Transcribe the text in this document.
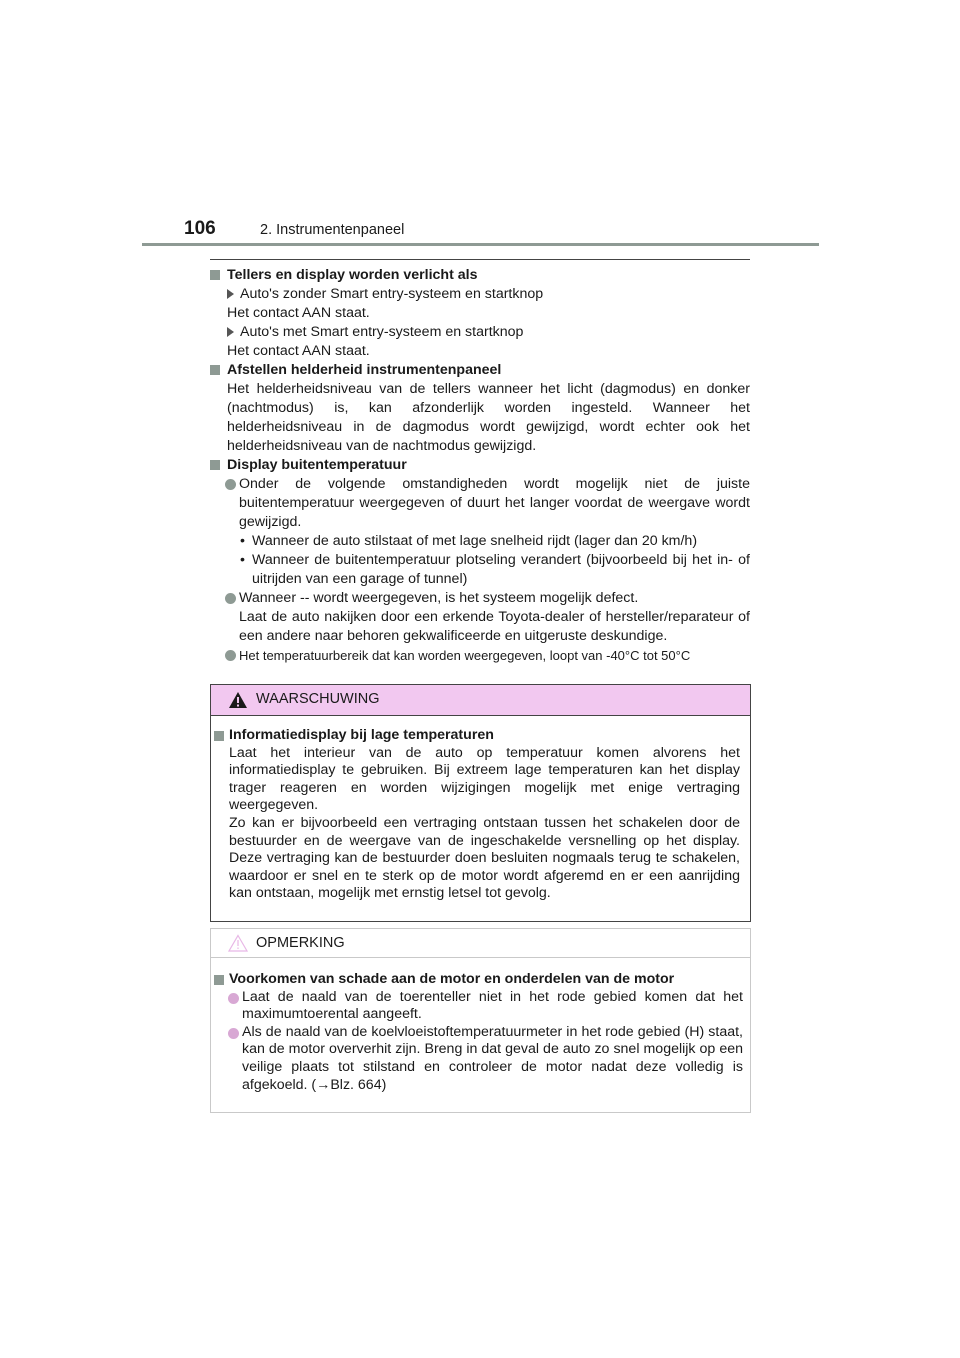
106	2. Instrumentenpaneel

Tellers en display worden verlicht als

Auto's zonder Smart entry-systeem en startknop

Het contact AAN staat.

Auto's met Smart entry-systeem en startknop

Het contact AAN staat.

Afstellen helderheid instrumentenpaneel

Het helderheidsniveau van de tellers wanneer het licht (dagmodus) en donker (nachtmodus) is, kan afzonderlijk worden ingesteld. Wanneer het helderheidsniveau in de dagmodus wordt gewijzigd, wordt echter ook het helderheidsniveau van de nachtmodus gewijzigd.

Display buitentemperatuur

Onder de volgende omstandigheden wordt mogelijk niet de juiste buitentemperatuur weergegeven of duurt het langer voordat de weergave wordt gewijzigd.

• Wanneer de auto stilstaat of met lage snelheid rijdt (lager dan 20 km/h)

• Wanneer de buitentemperatuur plotseling verandert (bijvoorbeeld bij het in- of uitrijden van een garage of tunnel)

Wanneer -- wordt weergegeven, is het systeem mogelijk defect.

Laat de auto nakijken door een erkende Toyota-dealer of hersteller/reparateur of een andere naar behoren gekwalificeerde en uitgeruste deskundige.

Het temperatuurbereik dat kan worden weergegeven, loopt van -40°C tot 50°C

WAARSCHUWING

Informatiedisplay bij lage temperaturen

Laat het interieur van de auto op temperatuur komen alvorens het informatiedisplay te gebruiken. Bij extreem lage temperaturen kan het display trager reageren en worden wijzigingen mogelijk met enige vertraging weergegeven.

Zo kan er bijvoorbeeld een vertraging ontstaan tussen het schakelen door de bestuurder en de weergave van de ingeschakelde versnelling op het display. Deze vertraging kan de bestuurder doen besluiten nogmaals terug te schakelen, waardoor er snel en te sterk op de motor wordt afgeremd en er een aanrijding kan ontstaan, mogelijk met ernstig letsel tot gevolg.

OPMERKING

Voorkomen van schade aan de motor en onderdelen van de motor

Laat de naald van de toerenteller niet in het rode gebied komen dat het maximumtoerental aangeeft.

Als de naald van de koelvloeistoftemperatuurmeter in het rode gebied (H) staat, kan de motor oververhit zijn. Breng in dat geval de auto zo snel mogelijk op een veilige plaats tot stilstand en controleer de motor nadat deze volledig is afgekoeld. (→Blz. 664)
